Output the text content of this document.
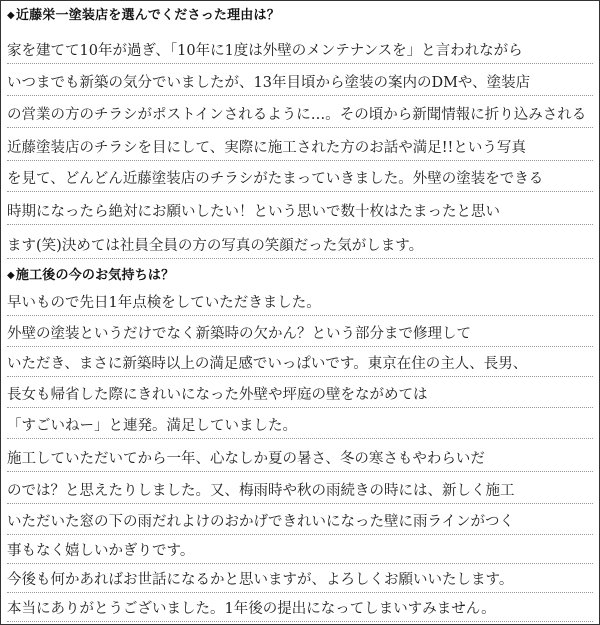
◆近藤栄一塗装店を選んでくださった理由は？
家を建てて10年が過ぎ、「10年に1度は外壁のメンテナンスを」と言われながら
いつまでも新築の気分でいましたが、13年目頃から塗装の案内のDMや、塗装店
の営業の方のチラシがポストインされるように…。その頃から新聞情報に折り込みされる
近藤塗装店のチラシを目にして、実際に施工された方のお話や満足!!という写真
を見て、どんどん近藤塗装店のチラシがたまっていきました。外壁の塗装をできる
時期になったら絶対にお願いしたい！という思いで数十枚はたまったと思い
ます(笑)決めては社員全員の方の写真の笑顔だった気がします。
◆施工後の今のお気持ちは？
早いもので先日1年点検をしていただきました。
外壁の塗装というだけでなく新築時の欠かん？という部分まで修理して
いただき、まさに新築時以上の満足感でいっぱいです。東京在住の主人、長男、
長女も帰省した際にきれいになった外壁や坪庭の壁をながめては
「すごいねー」と連発。満足していました。
施工していただいてから一年、心なしか夏の暑さ、冬の寒さもやわらいだ
のでは？と思えたりしました。又、梅雨時や秋の雨続きの時には、新しく施工
いただいた窓の下の雨だれよけのおかげできれいになった壁に雨ラインがつく
事もなく嬉しいかぎりです。
今後も何かあればお世話になるかと思いますが、よろしくお願いいたします。
本当にありがとうございました。1年後の提出になってしまいすみません。
